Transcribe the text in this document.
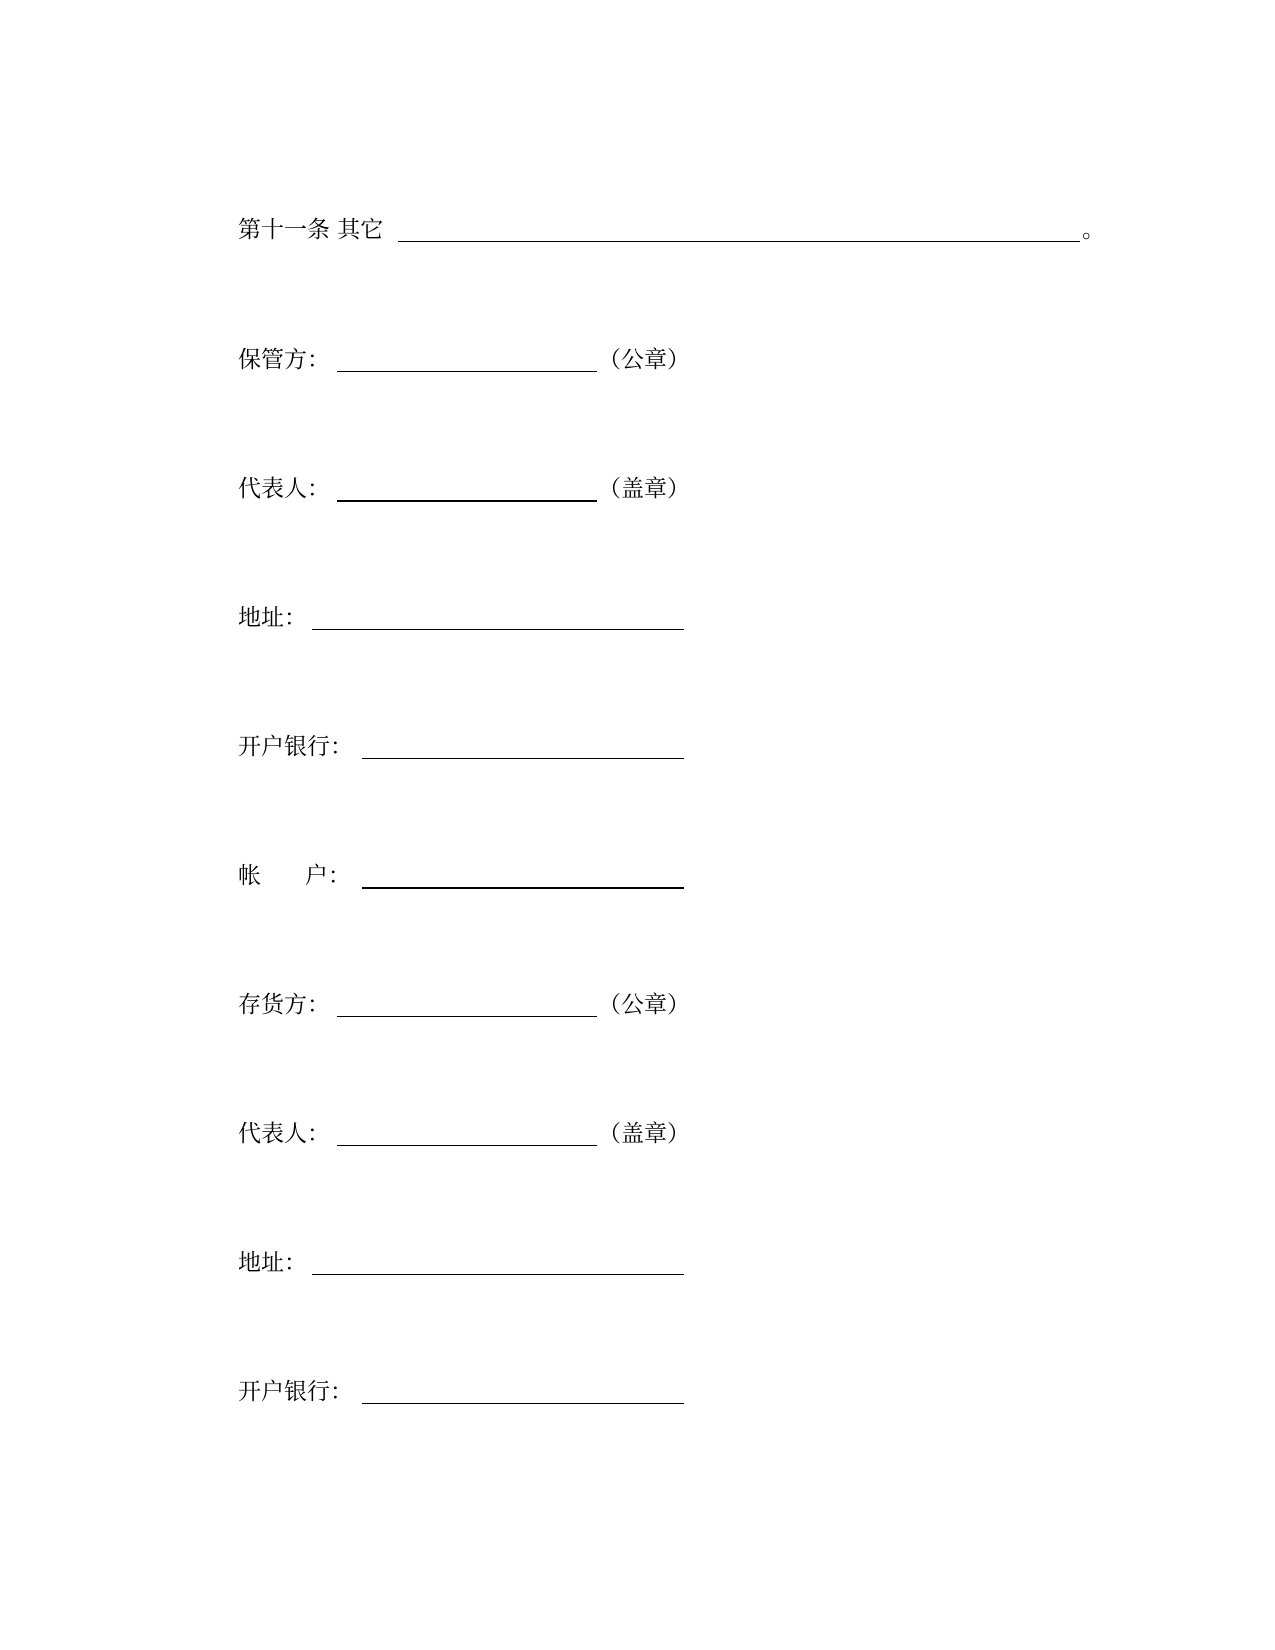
第十一条 其它	。
保管方：	（公章）
代表人：	（盖章）
地址：
开户银行：
帐      户：
存货方：	（公章）
代表人：	（盖章）
地址：
开户银行：
